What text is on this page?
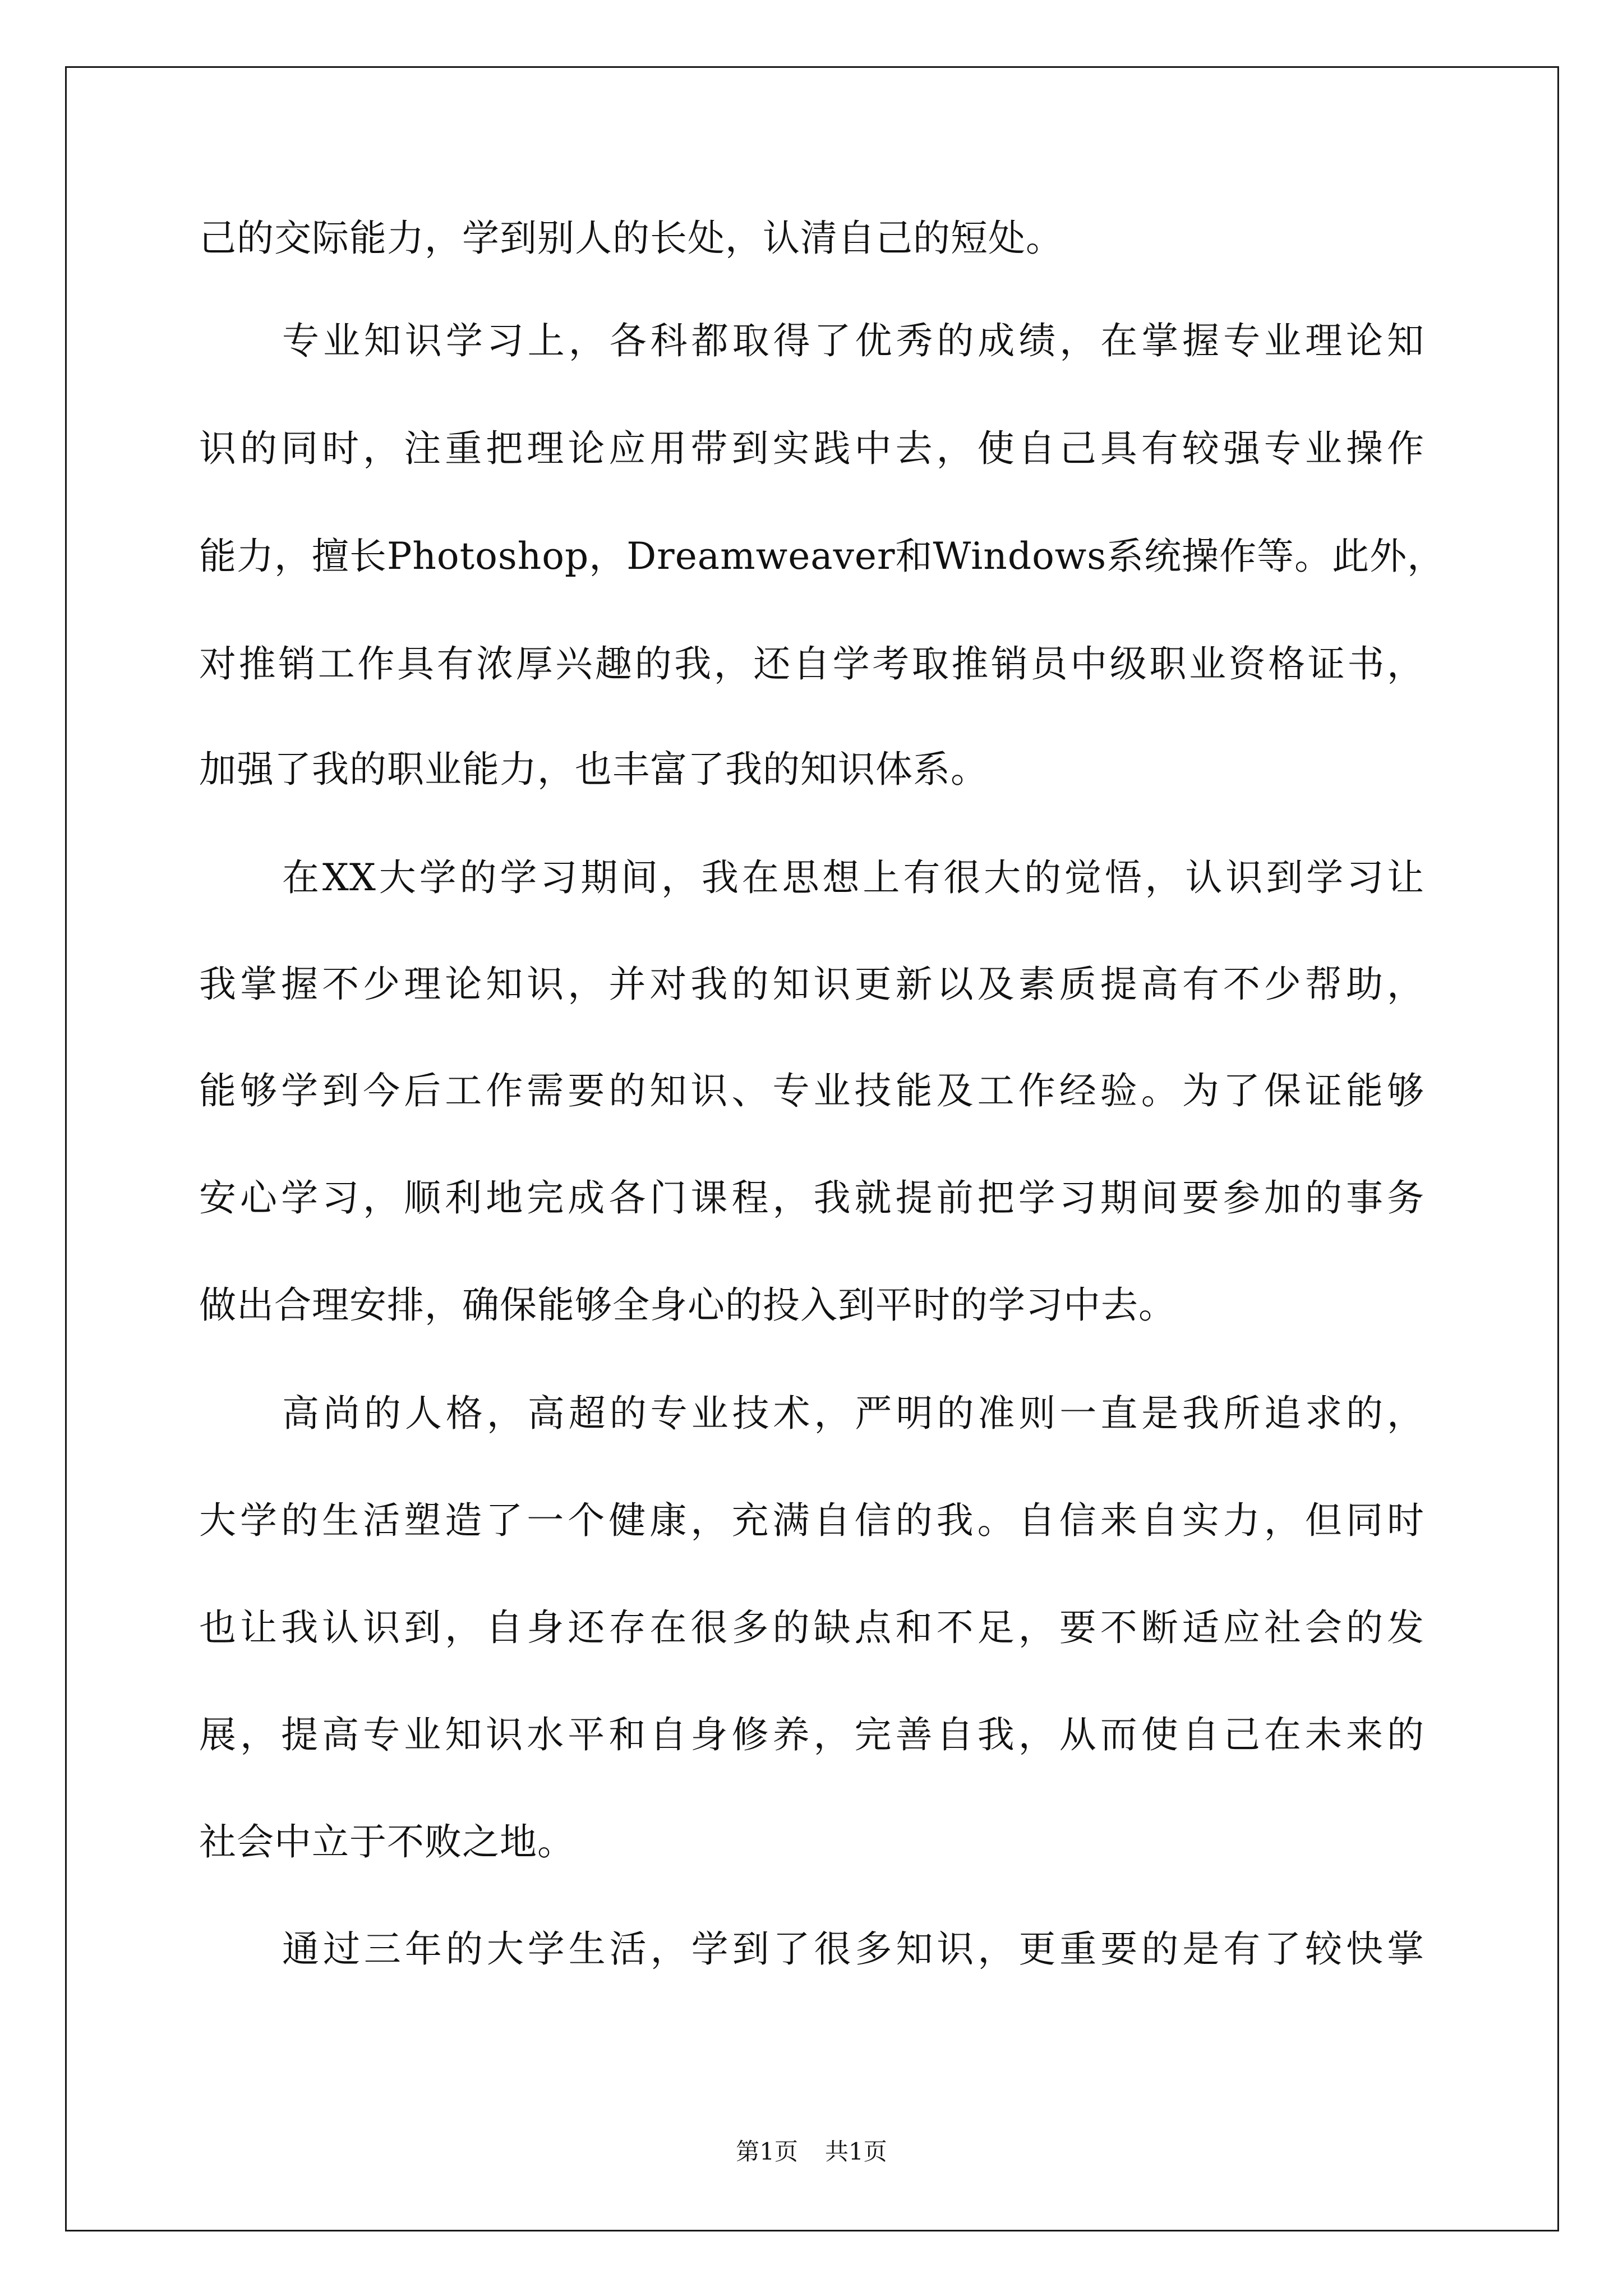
己的交际能力，学到别人的长处，认清自己的短处。
专业知识学习上，各科都取得了优秀的成绩，在掌握专业理论知
识的同时，注重把理论应用带到实践中去，使自己具有较强专业操作
能力，擅长Photoshop，Dreamweaver和Windows系统操作等。此外，
对推销工作具有浓厚兴趣的我，还自学考取推销员中级职业资格证书，
加强了我的职业能力，也丰富了我的知识体系。
在XX大学的学习期间，我在思想上有很大的觉悟，认识到学习让
我掌握不少理论知识，并对我的知识更新以及素质提高有不少帮助，
能够学到今后工作需要的知识、专业技能及工作经验。为了保证能够
安心学习，顺利地完成各门课程，我就提前把学习期间要参加的事务
做出合理安排，确保能够全身心的投入到平时的学习中去。
高尚的人格，高超的专业技术，严明的准则一直是我所追求的，
大学的生活塑造了一个健康，充满自信的我。自信来自实力，但同时
也让我认识到，自身还存在很多的缺点和不足，要不断适应社会的发
展，提高专业知识水平和自身修养，完善自我，从而使自己在未来的
社会中立于不败之地。
通过三年的大学生活，学到了很多知识，更重要的是有了较快掌
第1页 共1页
